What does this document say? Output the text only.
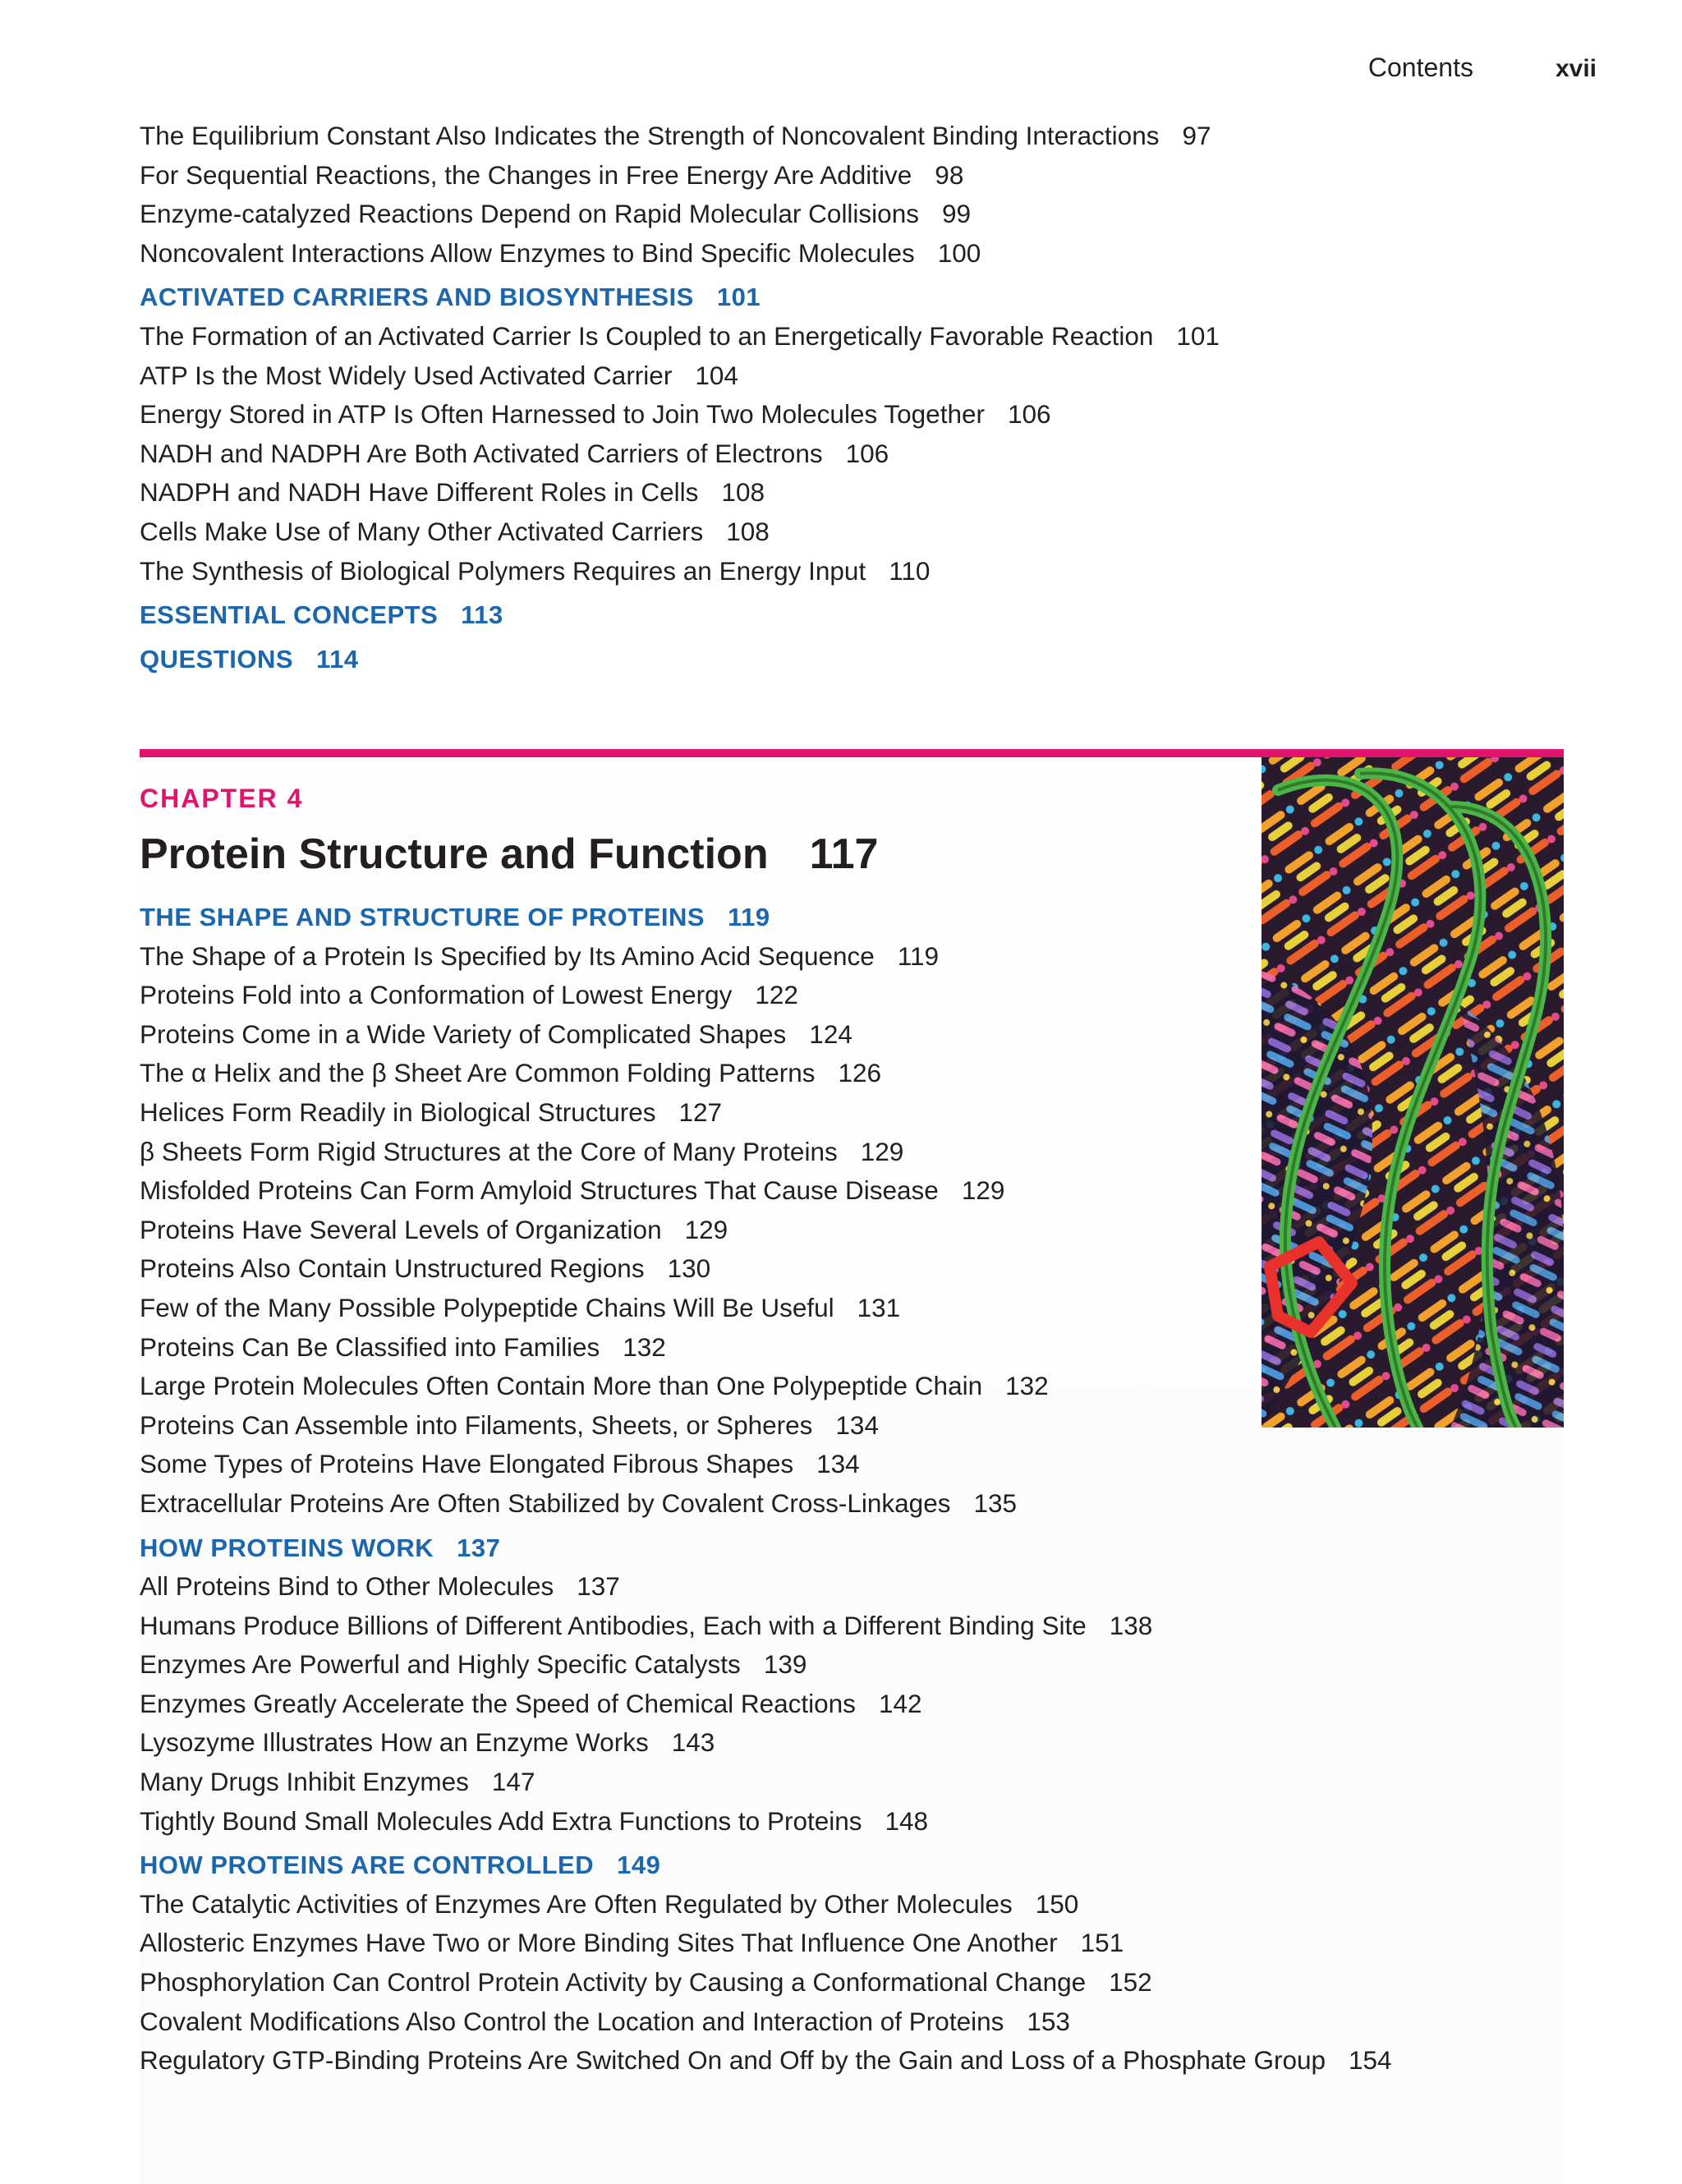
Contents	xvii
The Equilibrium Constant Also Indicates the Strength of Noncovalent Binding Interactions 97
For Sequential Reactions, the Changes in Free Energy Are Additive 98
Enzyme-catalyzed Reactions Depend on Rapid Molecular Collisions 99
Noncovalent Interactions Allow Enzymes to Bind Specific Molecules 100
ACTIVATED CARRIERS AND BIOSYNTHESIS 101
The Formation of an Activated Carrier Is Coupled to an Energetically Favorable Reaction 101
ATP Is the Most Widely Used Activated Carrier 104
Energy Stored in ATP Is Often Harnessed to Join Two Molecules Together 106
NADH and NADPH Are Both Activated Carriers of Electrons 106
NADPH and NADH Have Different Roles in Cells 108
Cells Make Use of Many Other Activated Carriers 108
The Synthesis of Biological Polymers Requires an Energy Input 110
ESSENTIAL CONCEPTS 113
QUESTIONS 114
CHAPTER 4
Protein Structure and Function 117
THE SHAPE AND STRUCTURE OF PROTEINS 119
The Shape of a Protein Is Specified by Its Amino Acid Sequence 119
Proteins Fold into a Conformation of Lowest Energy 122
Proteins Come in a Wide Variety of Complicated Shapes 124
The α Helix and the β Sheet Are Common Folding Patterns 126
Helices Form Readily in Biological Structures 127
β Sheets Form Rigid Structures at the Core of Many Proteins 129
Misfolded Proteins Can Form Amyloid Structures That Cause Disease 129
Proteins Have Several Levels of Organization 129
Proteins Also Contain Unstructured Regions 130
Few of the Many Possible Polypeptide Chains Will Be Useful 131
Proteins Can Be Classified into Families 132
Large Protein Molecules Often Contain More than One Polypeptide Chain 132
Proteins Can Assemble into Filaments, Sheets, or Spheres 134
Some Types of Proteins Have Elongated Fibrous Shapes 134
Extracellular Proteins Are Often Stabilized by Covalent Cross-Linkages 135
HOW PROTEINS WORK 137
All Proteins Bind to Other Molecules 137
Humans Produce Billions of Different Antibodies, Each with a Different Binding Site 138
Enzymes Are Powerful and Highly Specific Catalysts 139
Enzymes Greatly Accelerate the Speed of Chemical Reactions 142
Lysozyme Illustrates How an Enzyme Works 143
Many Drugs Inhibit Enzymes 147
Tightly Bound Small Molecules Add Extra Functions to Proteins 148
HOW PROTEINS ARE CONTROLLED 149
The Catalytic Activities of Enzymes Are Often Regulated by Other Molecules 150
Allosteric Enzymes Have Two or More Binding Sites That Influence One Another 151
Phosphorylation Can Control Protein Activity by Causing a Conformational Change 152
Covalent Modifications Also Control the Location and Interaction of Proteins 153
Regulatory GTP-Binding Proteins Are Switched On and Off by the Gain and Loss of a Phosphate Group 154
